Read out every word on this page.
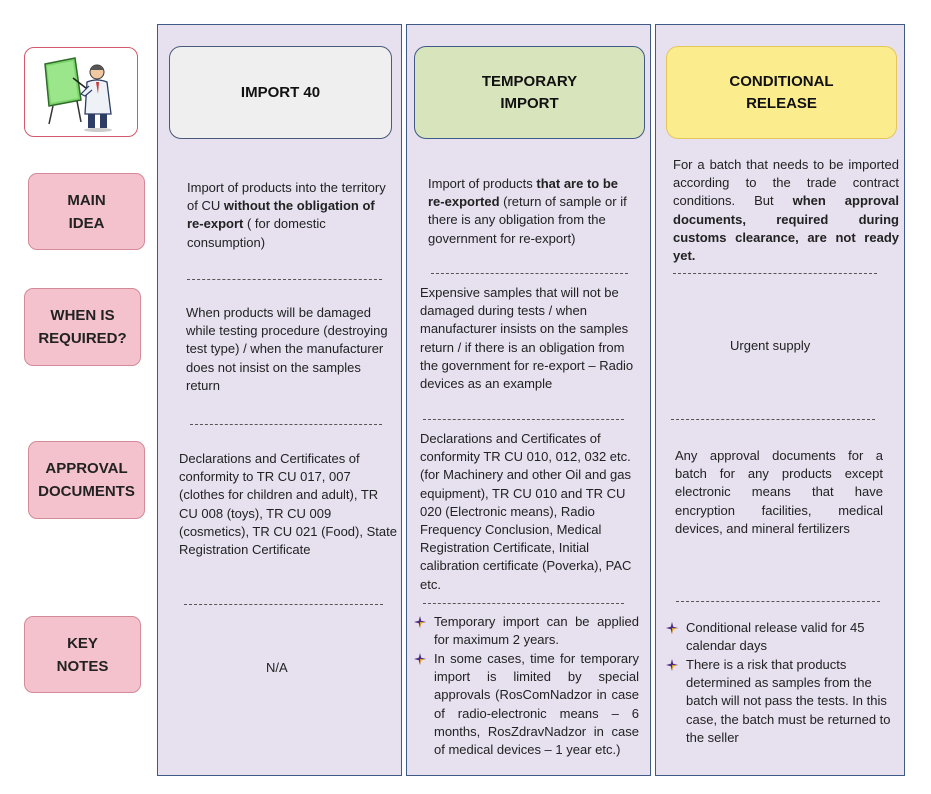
MAIN
IDEA
WHEN IS
REQUIRED?
APPROVAL
DOCUMENTS
KEY
NOTES
IMPORT 40
TEMPORARY
IMPORT
CONDITIONAL
RELEASE
Import of products into the territory of CU without the obligation of re-export ( for domestic consumption)
When products will be damaged while testing procedure (destroying test type) / when the manufacturer does not insist on the samples return
Declarations and Certificates of conformity to TR CU 017, 007 (clothes for children and adult), TR CU 008 (toys), TR CU 009 (cosmetics), TR CU 021 (Food), State Registration Certificate
N/A
Import of products that are to be re-exported (return of sample or if there is any obligation from the government for re-export)
Expensive samples that will not be damaged during tests / when manufacturer insists on the samples return / if there is an obligation from the government for re-export – Radio devices as an example
Declarations and Certificates of conformity TR CU 010, 012, 032 etc. (for Machinery and other Oil and gas equipment), TR CU 010 and TR CU 020 (Electronic means), Radio Frequency Conclusion, Medical Registration Certificate, Initial calibration certificate (Poverka), PAC etc.
Temporary import can be applied for maximum 2 years.
In some cases, time for temporary import is limited by special approvals (RosComNadzor in case of radio-electronic means – 6 months, RosZdravNadzor in case of medical devices – 1 year etc.)
For a batch that needs to be imported according to the trade contract conditions. But when approval documents, required during customs clearance, are not ready yet.
Urgent supply
Any approval documents for a batch for any products except electronic means that have encryption facilities, medical devices, and mineral fertilizers
Conditional release valid for 45 calendar days
There is a risk that products determined as samples from the batch will not pass the tests. In this case, the batch must be returned to the seller
